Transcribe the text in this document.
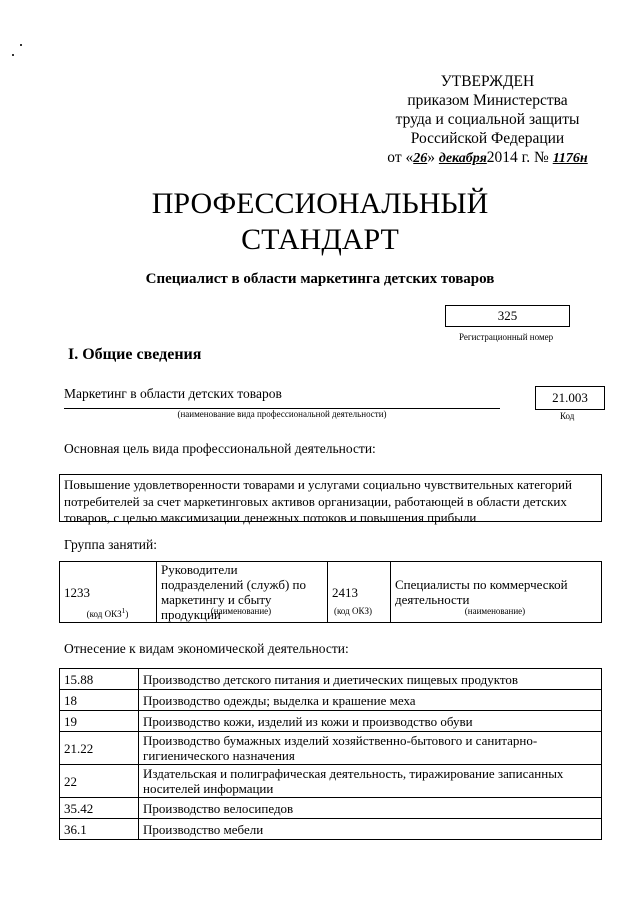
УТВЕРЖДЕН
приказом Министерства
труда и социальной защиты
Российской Федерации
от «26» декабря2014 г. № 1176н
ПРОФЕССИОНАЛЬНЫЙ
СТАНДАРТ
Специалист в области маркетинга детских товаров
325
Регистрационный номер
I. Общие сведения
Маркетинг в области детских товаров
(наименование вида профессиональной деятельности)
21.003
Код
Основная цель вида профессиональной деятельности:
Повышение удовлетворенности товарами и услугами социально чувствительных категорий потребителей за счет маркетинговых активов организации, работающей в области детских товаров, с целью максимизации денежных потоков и повышения прибыли
Группа занятий:
1233	Руководители подразделений (служб) по маркетингу и сбыту продукции	2413	Специалисты по коммерческой деятельности
(код ОКЗ$^1$)	(наименование)	(код ОКЗ)	(наименование)
Отнесение к видам экономической деятельности:
15.88	Производство детского питания и диетических пищевых продуктов
18	Производство одежды; выделка и крашение меха
19	Производство кожи, изделий из кожи и производство обуви
21.22	Производство бумажных изделий хозяйственно-бытового и санитарно-гигиенического назначения
22	Издательская и полиграфическая деятельность, тиражирование записанных носителей информации
35.42	Производство велосипедов
36.1	Производство мебели
